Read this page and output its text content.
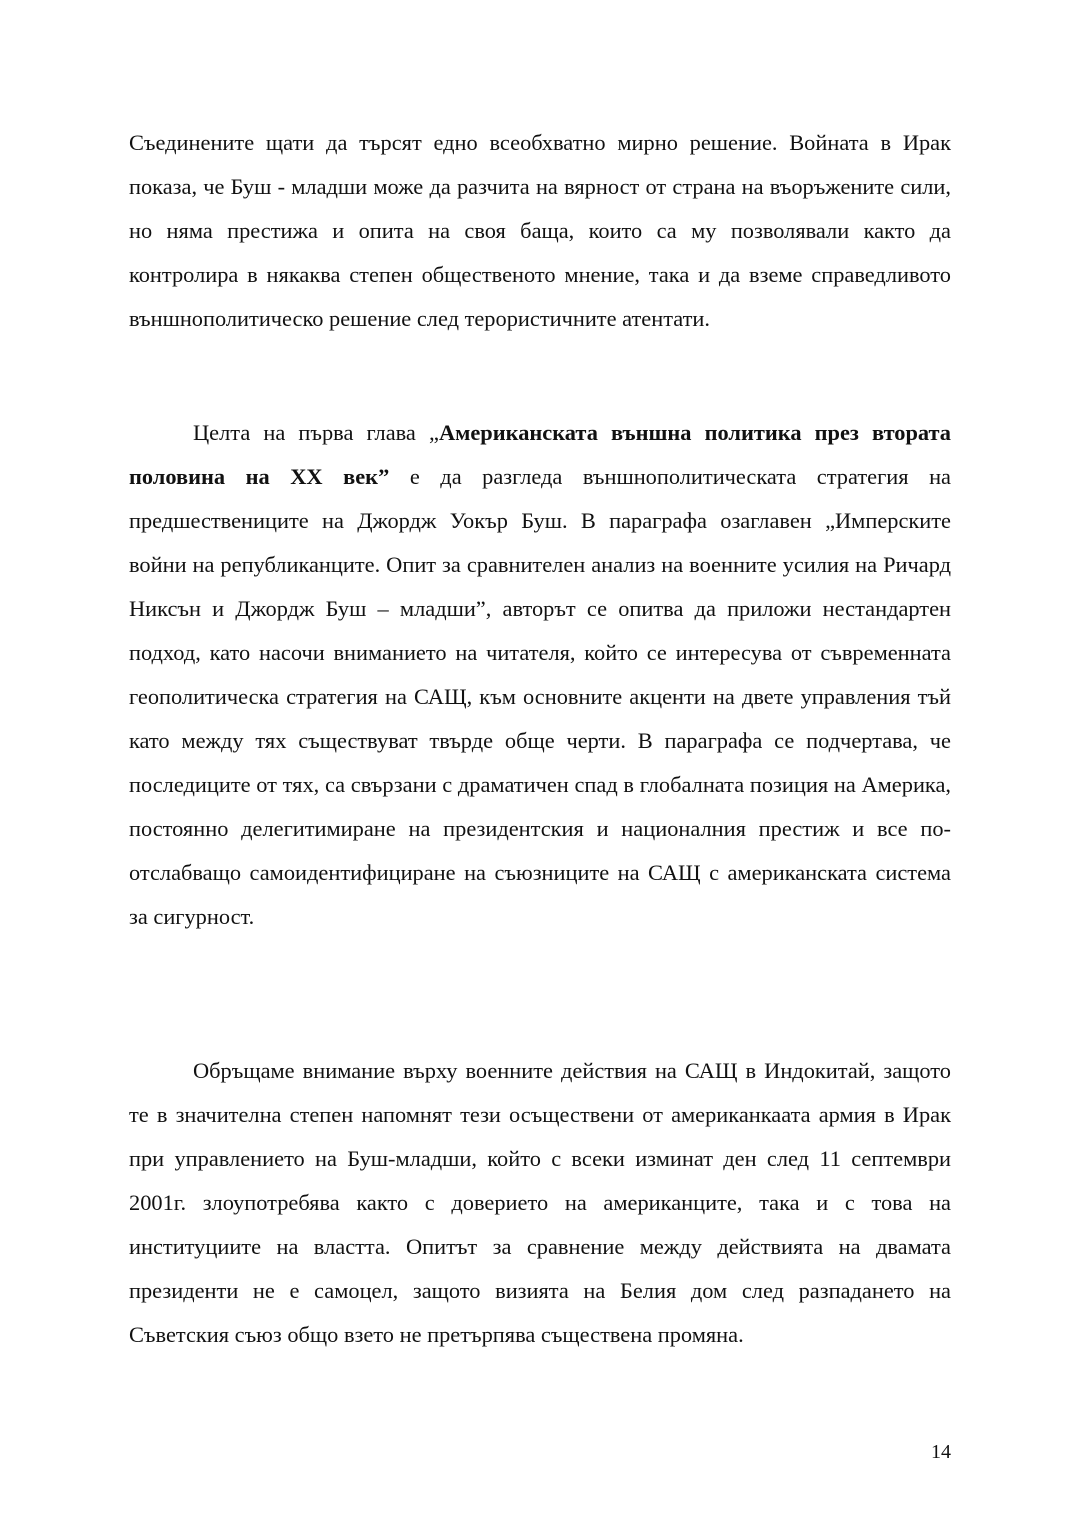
Съединените щати да търсят едно всеобхватно мирно решение. Войната в Ирак показа, че Буш - младши може да разчита на вярност от страна на въоръжените сили, но няма престижа и опита на своя баща, които са му позволявали както да контролира в някаква степен общественото мнение, така и да вземе справедливото външнополитическо решение след терористичните атентати.

Целта на първа глава „Американската външна политика през втората половина на XX век” е да разгледа външнополитическата стратегия на предшествениците на Джордж Уокър Буш. В параграфа озаглавен „Имперските войни на републиканците. Опит за сравнителен анализ на военните усилия на Ричард Никсън и Джордж Буш – младши”, авторът се опитва да приложи нестандартен подход, като насочи вниманието на читателя, който се интересува от съвременната геополитическа стратегия на САЩ, към основните акценти на двете управления тъй като между тях съществуват твърде обще черти. В параграфа се подчертава, че последиците от тях, са свързани с драматичен спад в глобалната позиция на Америка, постоянно делегитимиране на президентския и националния престиж и все по-отслабващо самоидентифициране на съюзниците на САЩ с американската система за сигурност.

Обръщаме внимание върху военните действия на САЩ в Индокитай, защото те в значителна степен напомнят тези осъществени от американкаата армия в Ирак при управлението на Буш-младши, който с всеки изминат ден след 11 септември 2001г. злоупотребява както с доверието на американците, така и с това на институциите на властта. Опитът за сравнение между действията на двамата президенти не е самоцел, защото визията на Белия дом след разпадането на Съветския съюз общо взето не претърпява съществена промяна.

14
